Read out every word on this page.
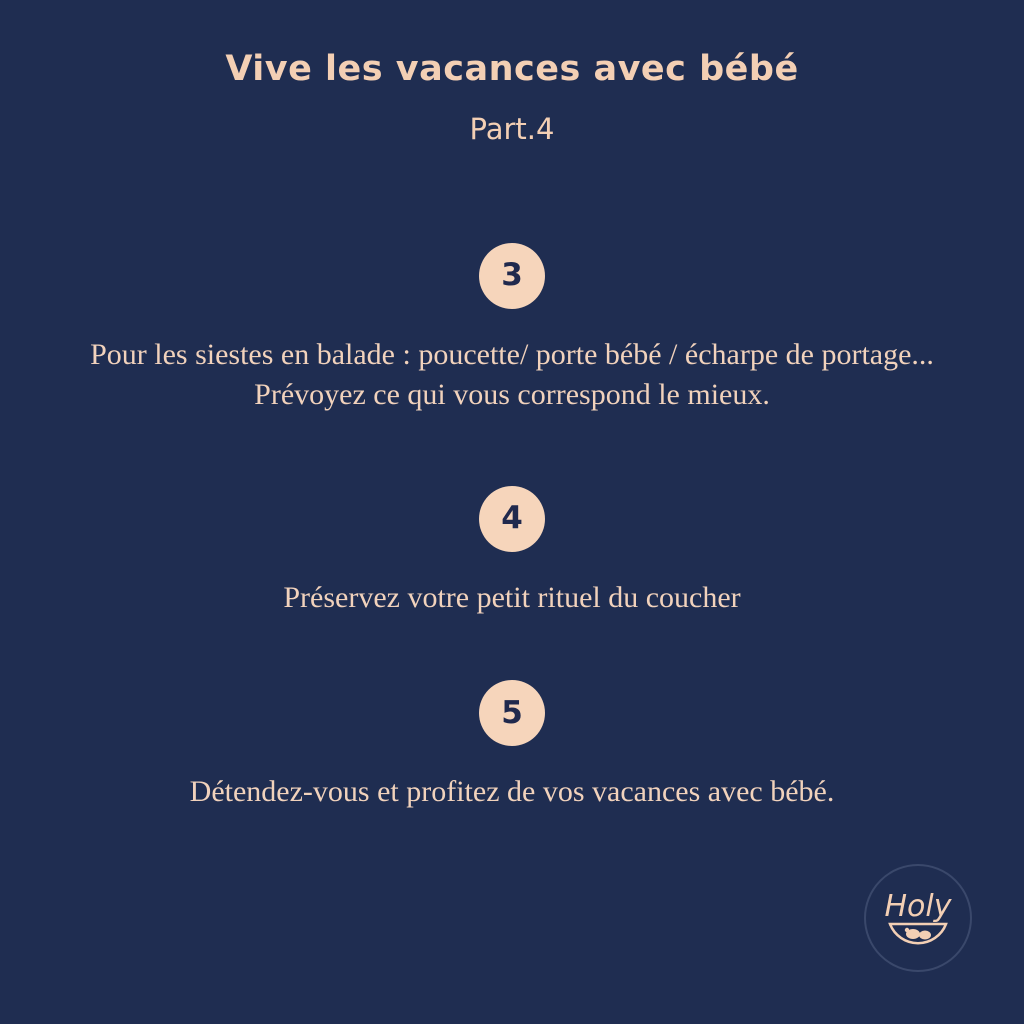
Vive les vacances avec bébé
Part.4
3
Pour les siestes en balade : poucette/ porte bébé / écharpe de portage... Prévoyez ce qui vous correspond le mieux.
4
Préservez votre petit rituel du coucher
5
Détendez-vous et profitez de vos vacances avec bébé.
Holy
